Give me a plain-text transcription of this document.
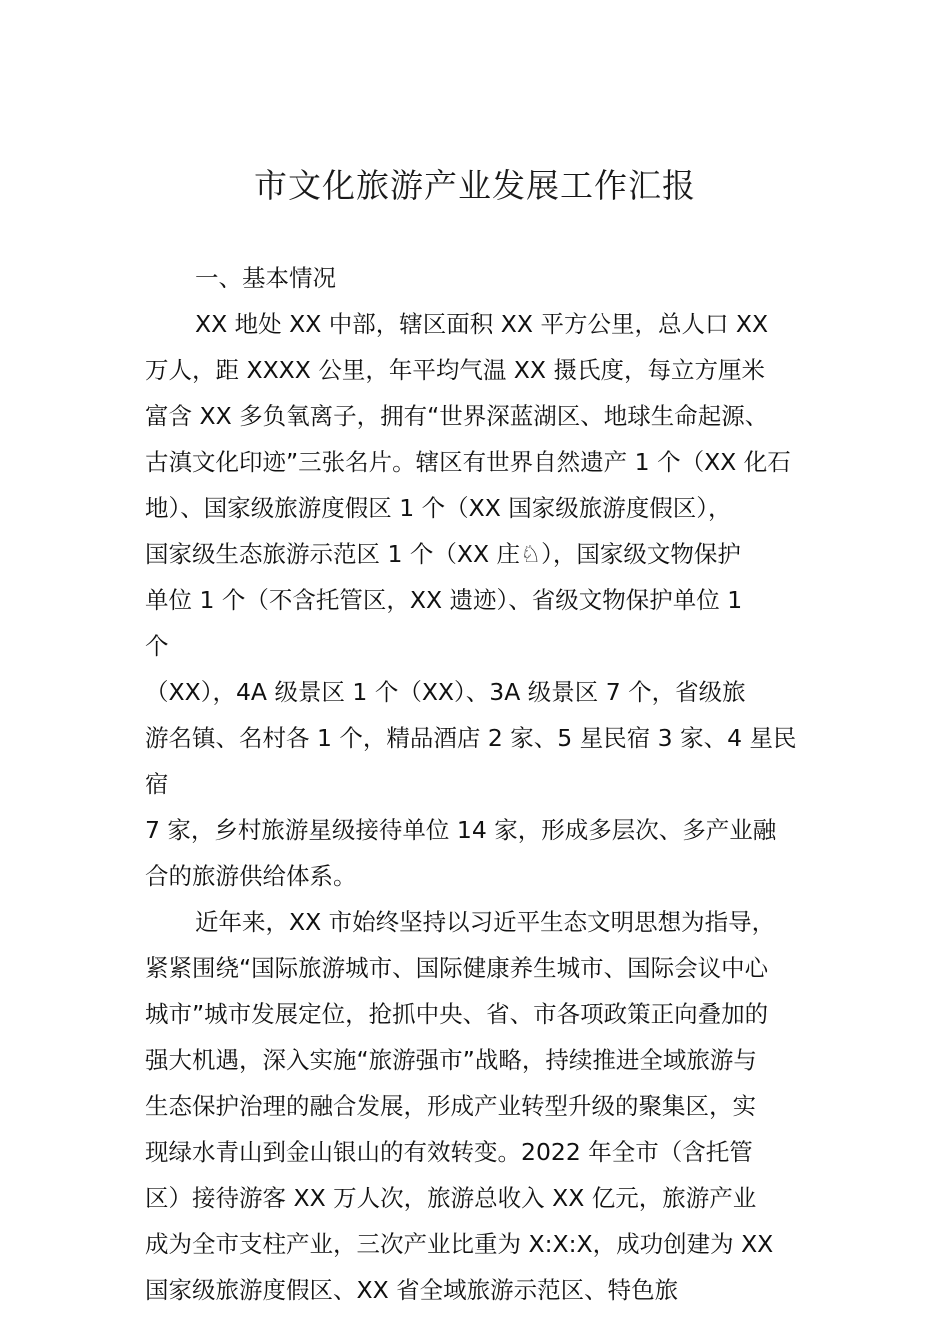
市文化旅游产业发展工作汇报
一、基本情况
XX 地处 XX 中部，辖区面积 XX 平方公里，总人口 XX
万人，距 XXXX 公里，年平均气温 XX 摄氏度，每立方厘米
富含 XX 多负氧离子，拥有“世界深蓝湖区、地球生命起源、
古滇文化印迹”三张名片。辖区有世界自然遗产 1 个（XX 化石
地）、国家级旅游度假区 1 个（XX 国家级旅游度假区），
国家级生态旅游示范区 1 个（XX 庄♘），国家级文物保护
单位 1 个（不含托管区，XX 遗迹）、省级文物保护单位 1
个
（XX），4A 级景区 1 个（XX）、3A 级景区 7 个，省级旅
游名镇、名村各 1 个，精品酒店 2 家、5 星民宿 3 家、4 星民
宿
7 家，乡村旅游星级接待单位 14 家，形成多层次、多产业融
合的旅游供给体系。
近年来，XX 市始终坚持以习近平生态文明思想为指导，
紧紧围绕“国际旅游城市、国际健康养生城市、国际会议中心
城市”城市发展定位，抢抓中央、省、市各项政策正向叠加的
强大机遇，深入实施“旅游强市”战略，持续推进全域旅游与
生态保护治理的融合发展，形成产业转型升级的聚集区，实
现绿水青山到金山银山的有效转变。2022 年全市（含托管
区）接待游客 XX 万人次，旅游总收入 XX 亿元，旅游产业
成为全市支柱产业，三次产业比重为 X:X:X，成功创建为 XX
国家级旅游度假区、XX 省全域旅游示范区、特色旅
